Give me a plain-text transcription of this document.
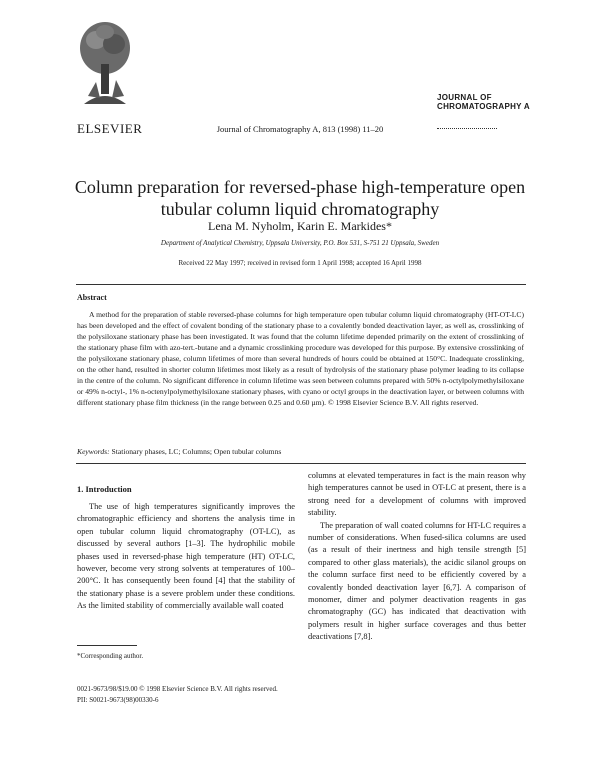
ELSEVIER	Journal of Chromatography A, 813 (1998) 11–20
JOURNAL OF
CHROMATOGRAPHY A
Column preparation for reversed-phase high-temperature open tubular column liquid chromatography
Lena M. Nyholm, Karin E. Markides*
Department of Analytical Chemistry, Uppsala University, P.O. Box 531, S-751 21 Uppsala, Sweden
Received 22 May 1997; received in revised form 1 April 1998; accepted 16 April 1998
Abstract
A method for the preparation of stable reversed-phase columns for high temperature open tubular column liquid chromatography (HT-OT-LC) has been developed and the effect of covalent bonding of the stationary phase to a covalently bonded deactivation layer, as well as, crosslinking of the polysiloxane stationary phase has been investigated. It was found that the column lifetime depended primarily on the extent of crosslinking of the stationary phase film with azo-tert.-butane and a dynamic crosslinking procedure was developed for this purpose. By extensive crosslinking of the polysiloxane stationary phase, column lifetimes of more than several hundreds of hours could be obtained at 150°C. Inadequate crosslinking, on the other hand, resulted in shorter column lifetimes most likely as a result of hydrolysis of the stationary phase polymer leading to its collapse in the centre of the column. No significant difference in column lifetime was seen between columns prepared with 50% n-octylpolymethylsiloxane or 49% n-octyl-, 1% n-octenylpolymethylsiloxane stationary phases, with cyano or octyl groups in the deactivation layer, or between columns with different stationary phase film thickness (in the range between 0.25 and 0.60 µm). © 1998 Elsevier Science B.V. All rights reserved.
Keywords: Stationary phases, LC; Columns; Open tubular columns
1. Introduction
The use of high temperatures significantly improves the chromatographic efficiency and shortens the analysis time in open tubular column liquid chromatography (OT-LC), as discussed by several authors [1–3]. The hydrophilic mobile phases used in reversed-phase high temperature (HT) OT-LC, however, become very strong solvents at temperatures of 100–200°C. It has consequently been found [4] that the stability of the stationary phase is a severe problem under these conditions. As the limited stability of commercially available wall coated

columns at elevated temperatures in fact is the main reason why high temperatures cannot be used in OT-LC at present, there is a strong need for a development of columns with improved stability.

The preparation of wall coated columns for HT-LC requires a number of considerations. When fused-silica columns are used (as a result of their inertness and high tensile strength [5] compared to other glass materials), the acidic silanol groups on the column surface first need to be efficiently covered by a covalently bonded deactivation layer [6,7]. A comparison of monomer, dimer and polymer deactivation reagents in gas chromatography (GC) has indicated that deactivation with polymers result in higher surface coverages and thus better deactivations [7,8].

*Corresponding author.
0021-9673/98/$19.00 © 1998 Elsevier Science B.V. All rights reserved.
PII: S0021-9673(98)00330-6
